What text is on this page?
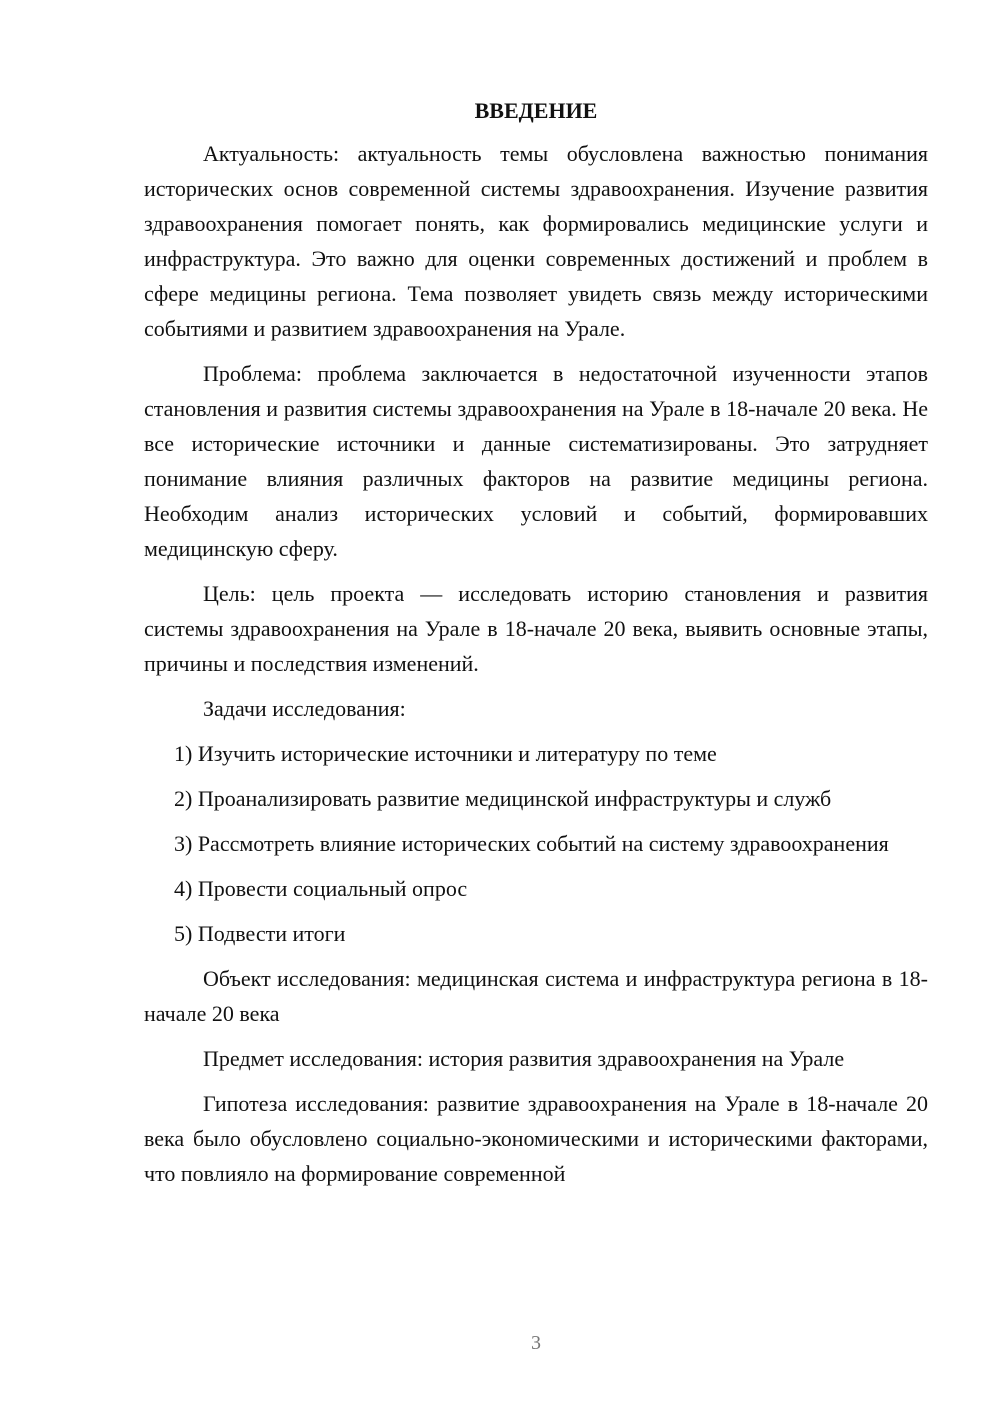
ВВЕДЕНИЕ

Актуальность: актуальность темы обусловлена важностью понимания исторических основ современной системы здравоохранения. Изучение развития здравоохранения помогает понять, как формировались медицинские услуги и инфраструктура. Это важно для оценки современных достижений и проблем в сфере медицины региона. Тема позволяет увидеть связь между историческими событиями и развитием здравоохранения на Урале.

Проблема: проблема заключается в недостаточной изученности этапов становления и развития системы здравоохранения на Урале в 18-начале 20 века. Не все исторические источники и данные систематизированы. Это затрудняет понимание влияния различных факторов на развитие медицины региона. Необходим анализ исторических условий и событий, формировавших медицинскую сферу.

Цель: цель проекта — исследовать историю становления и развития системы здравоохранения на Урале в 18-начале 20 века, выявить основные этапы, причины и последствия изменений.

Задачи исследования:

1) Изучить исторические источники и литературу по теме

2) Проанализировать развитие медицинской инфраструктуры и служб

3) Рассмотреть влияние исторических событий на систему здравоохранения

4) Провести социальный опрос

5) Подвести итоги

Объект исследования: медицинская система и инфраструктура региона в 18-начале 20 века

Предмет исследования: история развития здравоохранения на Урале

Гипотеза исследования: развитие здравоохранения на Урале в 18-начале 20 века было обусловлено социально-экономическими и историческими факторами, что повлияло на формирование современной

3
